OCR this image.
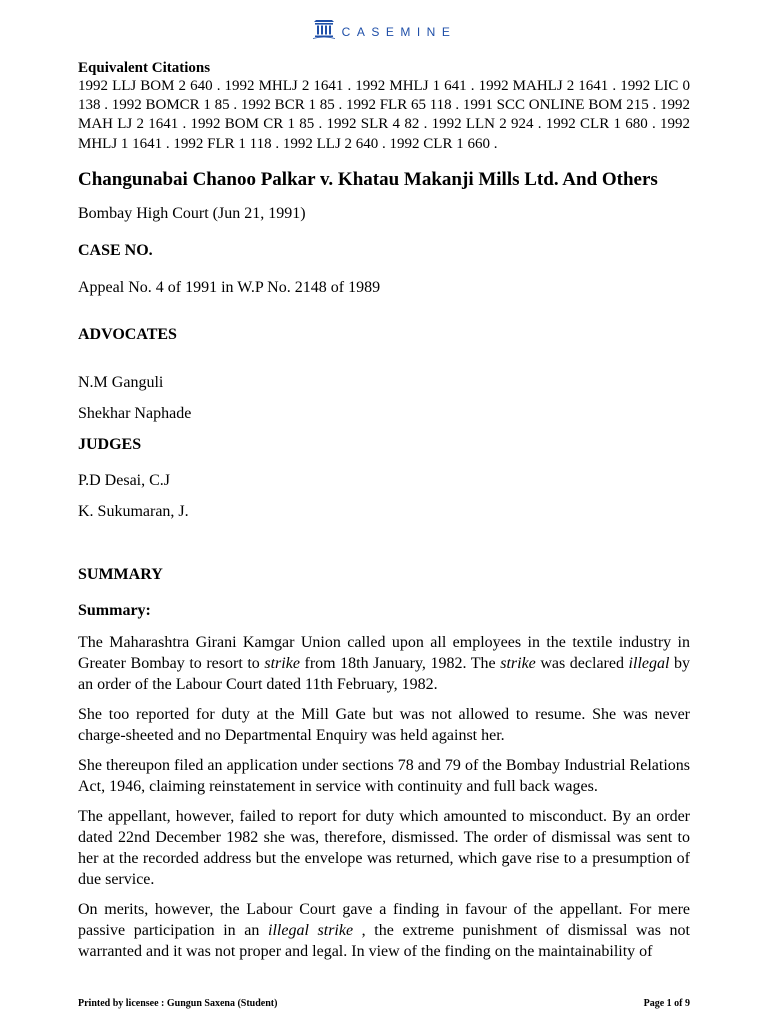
CASEMINE

Equivalent Citations

1992 LLJ BOM 2 640 . 1992 MHLJ 2 1641 . 1992 MHLJ 1 641 . 1992 MAHLJ 2 1641 . 1992 LIC 0 138 . 1992 BOMCR 1 85 . 1992 BCR 1 85 . 1992 FLR 65 118 . 1991 SCC ONLINE BOM 215 . 1992 MAH LJ 2 1641 . 1992 BOM CR 1 85 . 1992 SLR 4 82 . 1992 LLN 2 924 . 1992 CLR 1 680 . 1992 MHLJ 1 1641 . 1992 FLR 1 118 . 1992 LLJ 2 640 . 1992 CLR 1 660 .

Changunabai Chanoo Palkar v. Khatau Makanji Mills Ltd. And Others

Bombay High Court (Jun 21, 1991)

CASE NO.
Appeal No. 4 of 1991 in W.P No. 2148 of 1989
ADVOCATES
N.M Ganguli
Shekhar Naphade
JUDGES
P.D Desai, C.J
K. Sukumaran, J.
SUMMARY
Summary:

The Maharashtra Girani Kamgar Union called upon all employees in the textile industry in Greater Bombay to resort to strike from 18th January, 1982. The strike was declared illegal by an order of the Labour Court dated 11th February, 1982.

She too reported for duty at the Mill Gate but was not allowed to resume. She was never charge-sheeted and no Departmental Enquiry was held against her.

She thereupon filed an application under sections 78 and 79 of the Bombay Industrial Relations Act, 1946, claiming reinstatement in service with continuity and full back wages.

The appellant, however, failed to report for duty which amounted to misconduct. By an order dated 22nd December 1982 she was, therefore, dismissed. The order of dismissal was sent to her at the recorded address but the envelope was returned, which gave rise to a presumption of due service.

On merits, however, the Labour Court gave a finding in favour of the appellant. For mere passive participation in an illegal strike , the extreme punishment of dismissal was not warranted and it was not proper and legal. In view of the finding on the maintainability of

Printed by licensee : Gungun Saxena (Student)	Page 1 of 9
